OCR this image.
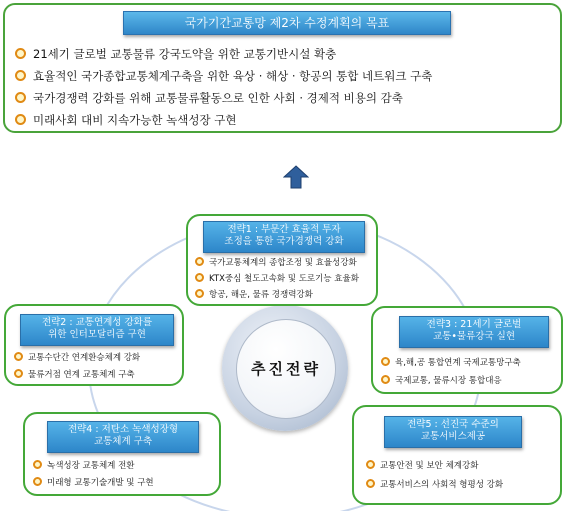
국가기간교통망 제2차 수정계획의 목표
21세기 글로벌 교통물류 강국도약을 위한 교통기반시설 확충
효율적인 국가종합교통체계구축을 위한 육상 · 해상 · 항공의 통합 네트워크 구축
국가경쟁력 강화를 위해 교통물류활동으로 인한 사회 · 경제적 비용의 감축
미래사회 대비 지속가능한 녹색성장 구현
추진전략
전략1 : 부문간 효율적 투자
조정을 통한 국가경쟁력 강화
국가교통체계의 종합조정 및 효율성강화
KTX중심 철도고속화 및 도로기능 효율화
항공, 해운, 물류 경쟁력강화
전략2 : 교통연계성 강화를
위한 인터모달리즘 구현
교통수단간 연계환승체계 강화
물류거점 연계 교통체계 구축
전략3 : 21세기 글로벌
교통•물류강국 실현
육,해,공 통합연계 국제교통망구축
국제교통, 물류시장 통합대응
전략4 : 저탄소 녹색성장형
교통체계 구축
녹색성장 교통체계 전환
미래형 교통기술개발 및 구현
전략5 : 선진국 수준의
교통서비스제공
교통안전 및 보안 체계강화
교통서비스의 사회적 형평성 강화
